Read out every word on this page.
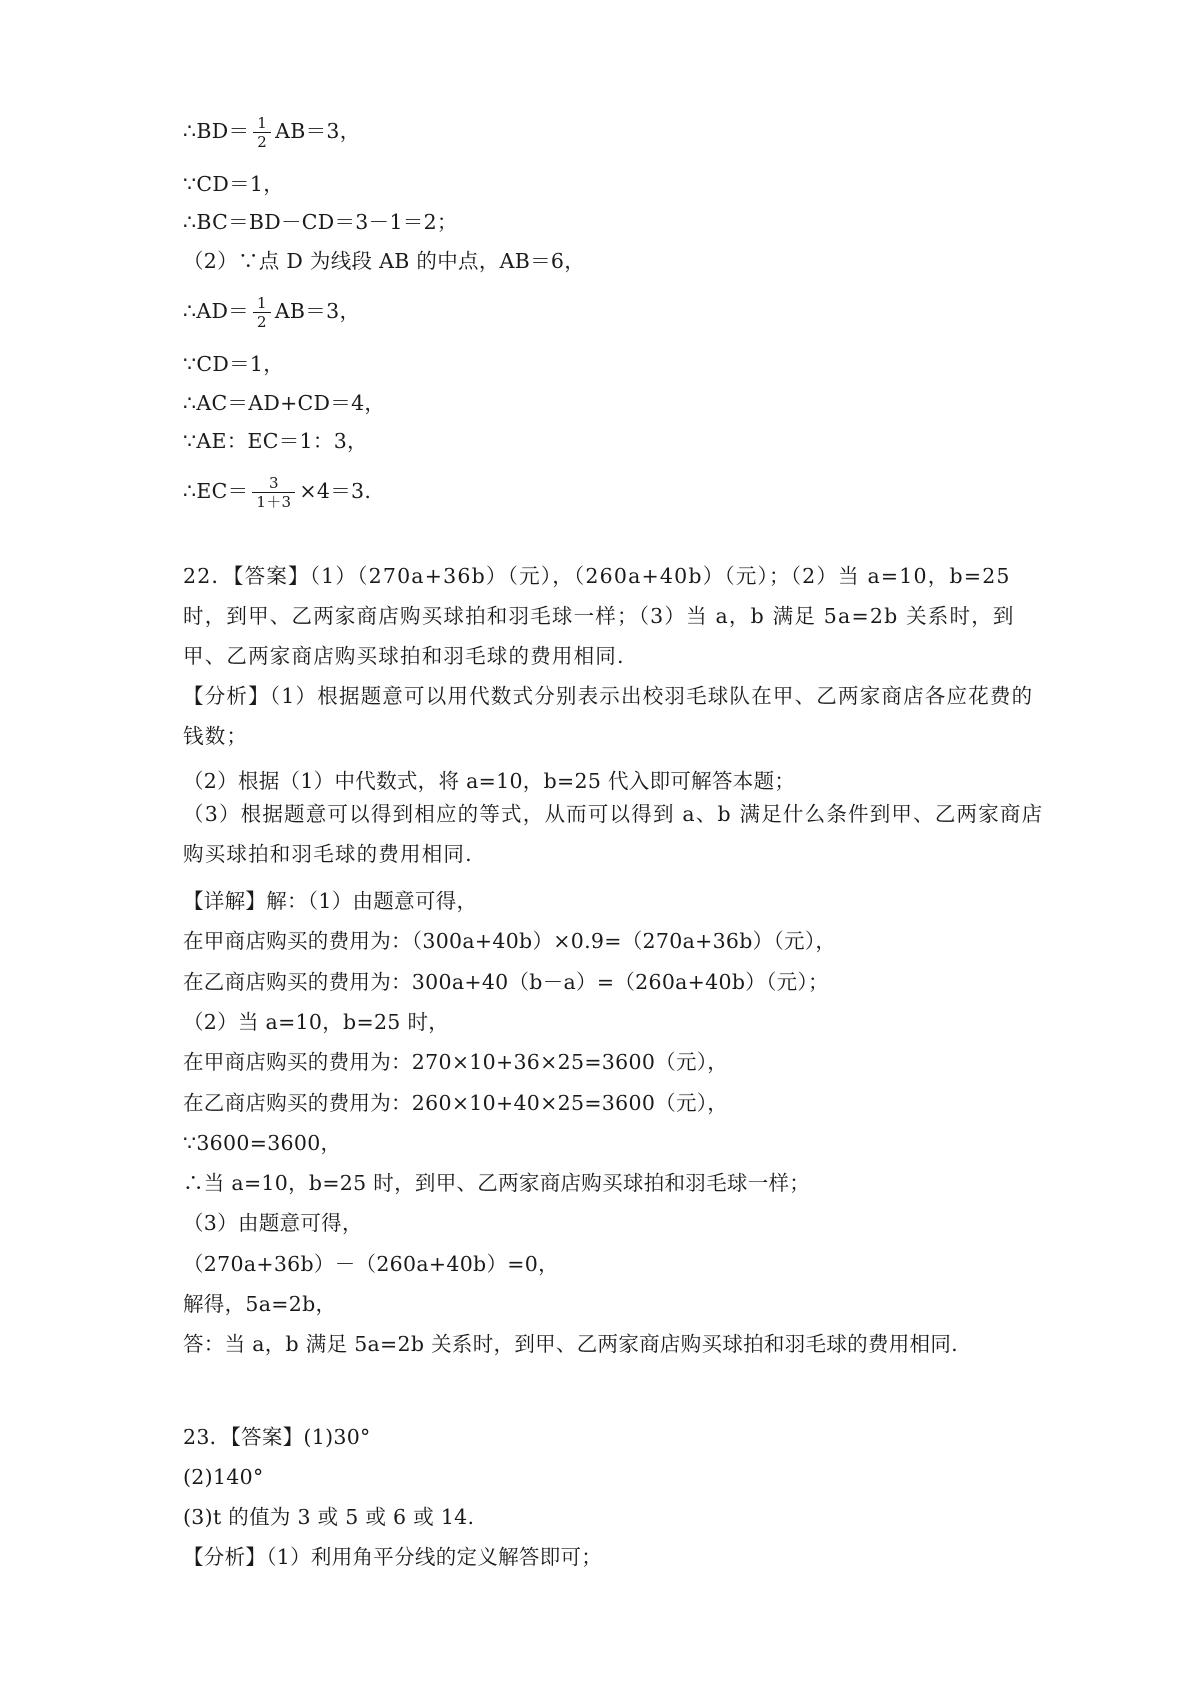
∴BD＝ $\frac{1}{2} AB=3$，
∵CD＝1，
∴BC＝BD－CD＝3－1＝2；
（2）∵点 D 为线段 AB 的中点，AB＝6，
∴AD＝ $\frac{1}{2} AB=3$，
∵CD＝1，
∴AC＝AD+CD＝4，
∵AE：EC＝1：3，
∴EC＝ $\frac{3}{1+3} \times 4=3$.
22．【答案】（1）（270a+36b）（元），（260a+40b）（元）；（2）当 a=10，b=25 时，到甲、乙两家商店购买球拍和羽毛球一样；（3）当 a，b 满足 5a=2b 关系时，到甲、乙两家商店购买球拍和羽毛球的费用相同.
【分析】（1）根据题意可以用代数式分别表示出校羽毛球队在甲、乙两家商店各应花费的钱数；
（2）根据（1）中代数式，将 a=10，b=25 代入即可解答本题；
（3）根据题意可以得到相应的等式，从而可以得到 a、b 满足什么条件到甲、乙两家商店购买球拍和羽毛球的费用相同.
【详解】解：（1）由题意可得，
在甲商店购买的费用为：（300a+40b）×0.9=（270a+36b）（元），
在乙商店购买的费用为：300a+40（b－a）=（260a+40b）（元）；
（2）当 a=10，b=25 时，
在甲商店购买的费用为：270×10+36×25=3600（元），
在乙商店购买的费用为：260×10+40×25=3600（元），
∵3600=3600，
∴当 a=10，b=25 时，到甲、乙两家商店购买球拍和羽毛球一样；
（3）由题意可得，
（270a+36b）－（260a+40b）=0，
解得，5a=2b，
答：当 a，b 满足 5a=2b 关系时，到甲、乙两家商店购买球拍和羽毛球的费用相同.
23．【答案】(1)30°
(2)140°
(3)t 的值为 3 或 5 或 6 或 14.
【分析】（1）利用角平分线的定义解答即可；
